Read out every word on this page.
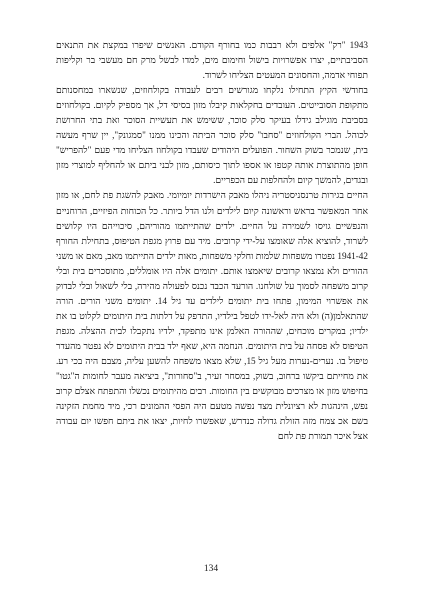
1943 "רק" אלפים ולא רבבות כמו בחורף הקודם. האנשים שיפרו במקצת את התנאים הסביבתיים, יצרו אפשרויות בישול וחימום מים, למדו לבשל מרק חם מעשבי בר וקליפות תפוחי אדמה, והחסונים המעטים הצליחו לשרוד.

בחודשי הקיץ התחילו נלקחו מגורשים רבים לעבודה בקולחוזים, שנשארו במחסנותם מתקופת הסובייטים. העובדים בחקלאות קיבלו מזון בסיסי דל, אך מספיק לקיום. בקולחוזים בסביבת מוגילב גידלו בעיקר סלק סוכר, ששימש את תעשיית הסוכר ואת בתי החרושת לכוהל. הברי הקולחוזים "סחבו" סלק סוכר הביתה והכינו ממנו "סמגונק", יין שרף מעשה בית, שנמכר בשוק השחור. הפועלים היהודים שעבדו בקולחוז הצליחו מדי פעם "להפריש" חופן מהתוצרת אותה קטפו או אספו לתוך כיסותם, מזון לבני ביתם או להחליף למוצרי מזון ובגדים, להמשך קיום ולהחלפות עם הכפריים.

החיים בגירות טרנסניסטריה ניהלו מאבק הישרדות יומיומי. מאבק להשגת פת לחם, או מזון אחר המאפשר בראש וראשונה קיום לילדים ולנו הדל ביותר. כל הכוחות הפיזיים, הרוחניים והנפשיים גויסו לשמירה על החיים. ילדים שהתייתמו מהוריהם, סיכוייהם היו קלושים לשרוד, להוציא אלה שאומצו על-ידי קרובים. מיד עם פרוץ מגפת הטיפוס, בתחילת החורף 1941-42 נפטרו משפחות שלמות וחלקי משפחות, מאות ילדים התייתמו מאב, מאם או משני ההורים ולא נמצאו קרובים שיאמצו אותם. יתומים אלה היו אומללים, מתוסכרים בית ובלי קרוב משפחה לסמוך על שולחנו. הורעד הכבד נכנס לפעולה מהירה, בלי לשאול ובלי לבדוק את אפשרוי המימון, פתחו בית יתומים לילדים עד גיל 14. יתומים משני הורים. הורה שהתאלמן(ה) ולא היה לאל-ידו לטפל בילדיו, התדפק על דלתות בית היתומים לקלוט בו את ילדיו; במקרים מוכחים, שההורה האלמן אינו מתפקד, ילדיו נתקבלו לבית ההצלה. מגפת הטיפוס לא פסחה על בית היתומים. הנחמה היא, שאף ילד בבית היתומים לא נפטר מהעדר טיפול בו. נערים-נערות מעל גיל 15, שלא מצאו משפחה להשען עליה, מצבם היה בכי רע. את מחייתם ביקשו ברחוב, בשוק, במסחר זעיר, ב"סחורות", ביציאה מעבר לחומות ה"גטו" בחיפוש מזון או מצרכים מבוקשים בין החומות. רבים מהיתומים נכשלו והתפתח אצלם קרוב נפש, הינהגות לא רציונלית מצד נפשה מטעם היה הפסי ההמונים רכי, מיד מחמת הזקינה בשם אכ צמח מזה הזולת גדולה כנדרש, שאפשרו לחיות, יצאו את ביתם חפשו יום עבודה אצל איכר תמורת פת לחם

134
